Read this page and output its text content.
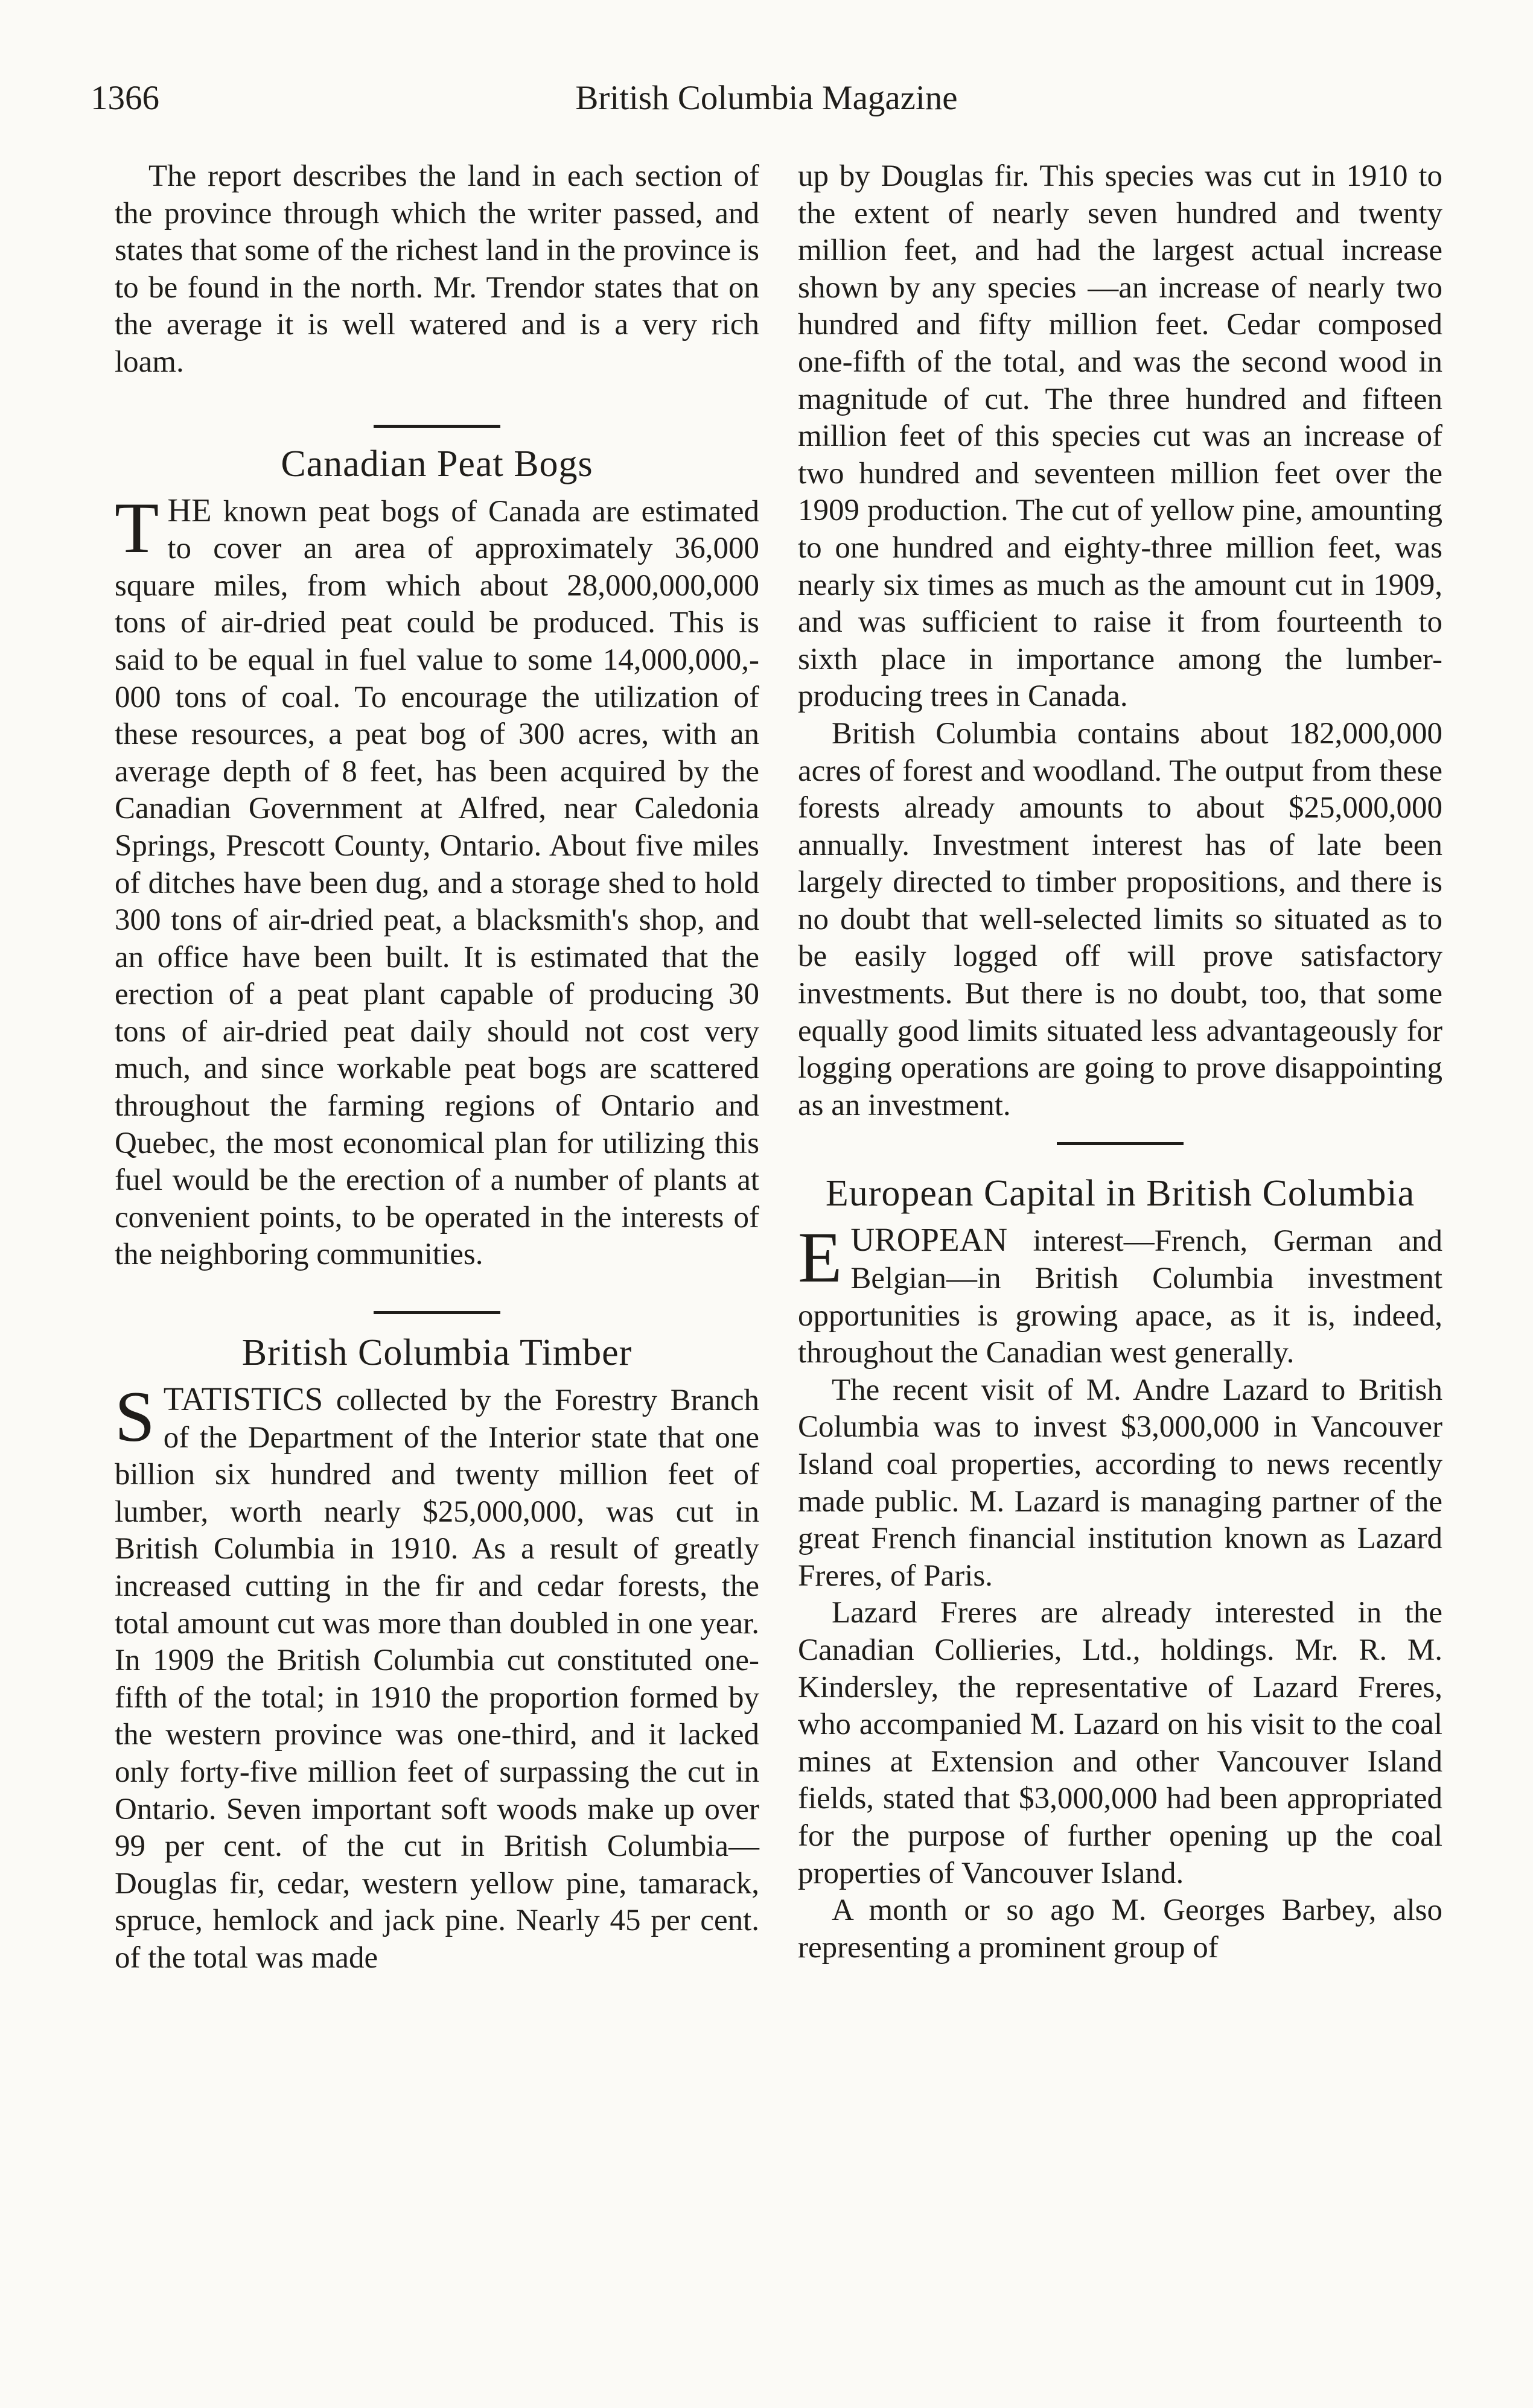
1366	British Columbia Magazine

The report describes the land in each section of the province through which the writer passed, and states that some of the richest land in the province is to be found in the north. Mr. Trendor states that on the average it is well watered and is a very rich loam.

Canadian Peat Bogs

THE known peat bogs of Canada are estimated to cover an area of approximately 36,000 square miles, from which about 28,000,000,000 tons of air-dried peat could be produced. This is said to be equal in fuel value to some 14,000,000,000 tons of coal. To encourage the utilization of these resources, a peat bog of 300 acres, with an average depth of 8 feet, has been acquired by the Canadian Government at Alfred, near Caledonia Springs, Prescott County, Ontario. About five miles of ditches have been dug, and a storage shed to hold 300 tons of air-dried peat, a blacksmith's shop, and an office have been built. It is estimated that the erection of a peat plant capable of producing 30 tons of air-dried peat daily should not cost very much, and since workable peat bogs are scattered throughout the farming regions of Ontario and Quebec, the most economical plan for utilizing this fuel would be the erection of a number of plants at convenient points, to be operated in the interests of the neighboring communities.

British Columbia Timber

STATISTICS collected by the Forestry Branch of the Department of the Interior state that one billion six hundred and twenty million feet of lumber, worth nearly $25,000,000, was cut in British Columbia in 1910. As a result of greatly increased cutting in the fir and cedar forests, the total amount cut was more than doubled in one year. In 1909 the British Columbia cut constituted one-fifth of the total; in 1910 the proportion formed by the western province was one-third, and it lacked only forty-five million feet of surpassing the cut in Ontario. Seven important soft woods make up over 99 per cent. of the cut in British Columbia—Douglas fir, cedar, western yellow pine, tamarack, spruce, hemlock and jack pine. Nearly 45 per cent. of the total was made

up by Douglas fir. This species was cut in 1910 to the extent of nearly seven hundred and twenty million feet, and had the largest actual increase shown by any species —an increase of nearly two hundred and fifty million feet. Cedar composed one-fifth of the total, and was the second wood in magnitude of cut. The three hundred and fifteen million feet of this species cut was an increase of two hundred and seventeen million feet over the 1909 production. The cut of yellow pine, amounting to one hundred and eighty-three million feet, was nearly six times as much as the amount cut in 1909, and was sufficient to raise it from fourteenth to sixth place in importance among the lumber-producing trees in Canada.

British Columbia contains about 182,000,000 acres of forest and woodland. The output from these forests already amounts to about $25,000,000 annually. Investment interest has of late been largely directed to timber propositions, and there is no doubt that well-selected limits so situated as to be easily logged off will prove satisfactory investments. But there is no doubt, too, that some equally good limits situated less advantageously for logging operations are going to prove disappointing as an investment.

European Capital in British Columbia

EUROPEAN interest—French, German and Belgian—in British Columbia investment opportunities is growing apace, as it is, indeed, throughout the Canadian west generally.

The recent visit of M. Andre Lazard to British Columbia was to invest $3,000,000 in Vancouver Island coal properties, according to news recently made public. M. Lazard is managing partner of the great French financial institution known as Lazard Freres, of Paris.

Lazard Freres are already interested in the Canadian Collieries, Ltd., holdings. Mr. R. M. Kindersley, the representative of Lazard Freres, who accompanied M. Lazard on his visit to the coal mines at Extension and other Vancouver Island fields, stated that $3,000,000 had been appropriated for the purpose of further opening up the coal properties of Vancouver Island.

A month or so ago M. Georges Barbey, also representing a prominent group of
